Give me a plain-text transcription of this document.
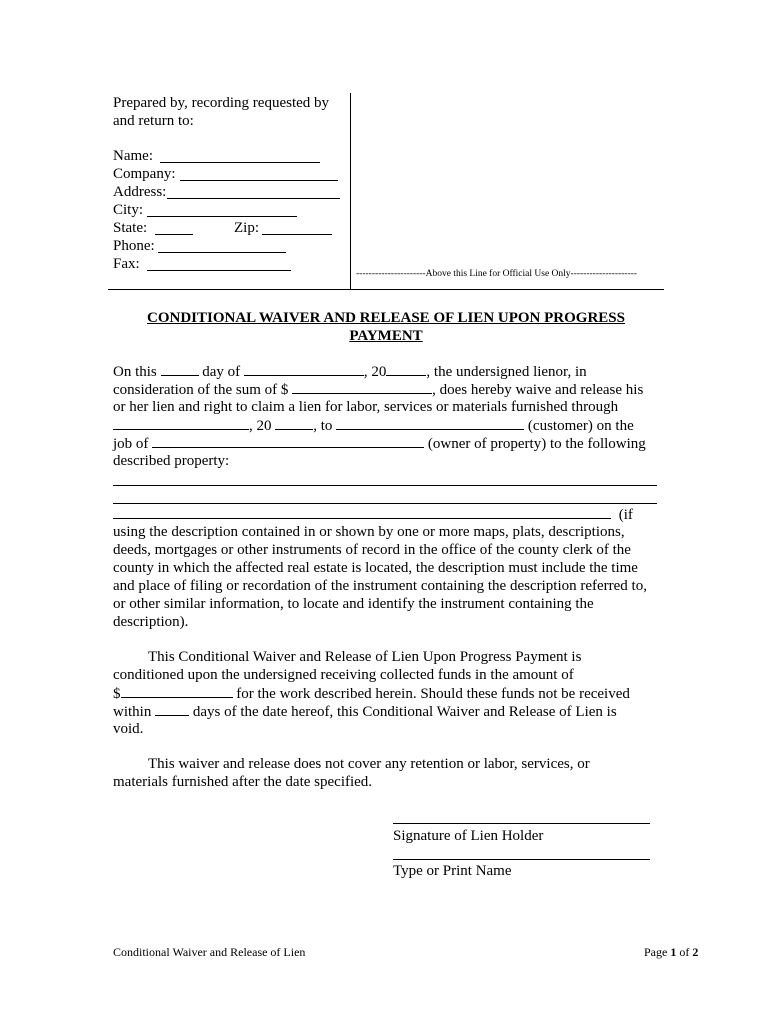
Prepared by, recording requested by
and return to:
Name:
Company:
Address:
City:
State:	Zip:
Phone:
Fax:
----------------------Above this Line for Official Use Only---------------------
CONDITIONAL WAIVER AND RELEASE OF LIEN UPON PROGRESS
PAYMENT
On this	day of	, 20	, the undersigned lienor, in
consideration of the sum of $	, does hereby waive and release his
or her lien and right to claim a lien for labor, services or materials furnished through
, 20	, to	(customer) on the
job of	(owner of property) to the following
described property:
(if
using the description contained in or shown by one or more maps, plats, descriptions,
deeds, mortgages or other instruments of record in the office of the county clerk of the
county in which the affected real estate is located, the description must include the time
and place of filing or recordation of the instrument containing the description referred to,
or other similar information, to locate and identify the instrument containing the
description).
This Conditional Waiver and Release of Lien Upon Progress Payment is
conditioned upon the undersigned receiving collected funds in the amount of
$	for the work described herein. Should these funds not be received
within	days of the date hereof, this Conditional Waiver and Release of Lien is
void.
This waiver and release does not cover any retention or labor, services, or
materials furnished after the date specified.
Signature of Lien Holder
Type or Print Name
Conditional Waiver and Release of Lien	Page 1 of 2
